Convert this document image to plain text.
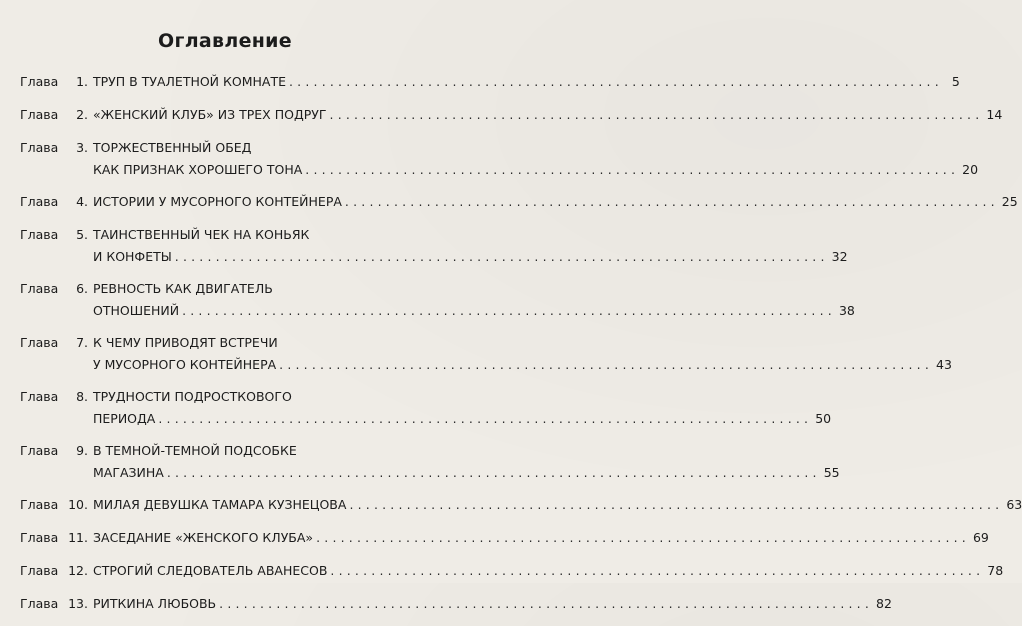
Оглавление
Глава	1. ТРУП В ТУАЛЕТНОЙ КОМНАТЕ ................................................................................ 5
Глава	2. «ЖЕНСКИЙ КЛУБ» ИЗ ТРЕХ ПОДРУГ ................................................................................ 14
Глава	3. ТОРЖЕСТВЕННЫЙ ОБЕД
КАК ПРИЗНАК ХОРОШЕГО ТОНА ................................................................................ 20
Глава	4. ИСТОРИИ У МУСОРНОГО КОНТЕЙНЕРА ................................................................................ 25
Глава	5. ТАИНСТВЕННЫЙ ЧЕК НА КОНЬЯК
И КОНФЕТЫ ................................................................................ 32
Глава	6. РЕВНОСТЬ КАК ДВИГАТЕЛЬ
ОТНОШЕНИЙ ................................................................................ 38
Глава	7. К ЧЕМУ ПРИВОДЯТ ВСТРЕЧИ
У МУСОРНОГО КОНТЕЙНЕРА ................................................................................ 43
Глава	8. ТРУДНОСТИ ПОДРОСТКОВОГО
ПЕРИОДА ................................................................................ 50
Глава	9. В ТЕМНОЙ-ТЕМНОЙ ПОДСОБКЕ
МАГАЗИНА ................................................................................ 55
Глава 10. МИЛАЯ ДЕВУШКА ТАМАРА КУЗНЕЦОВА ................................................................................ 63
Глава 11. ЗАСЕДАНИЕ «ЖЕНСКОГО КЛУБА» ................................................................................ 69
Глава 12. СТРОГИЙ СЛЕДОВАТЕЛЬ АВАНЕСОВ ................................................................................ 78
Глава 13. РИТКИНА ЛЮБОВЬ ................................................................................ 82
